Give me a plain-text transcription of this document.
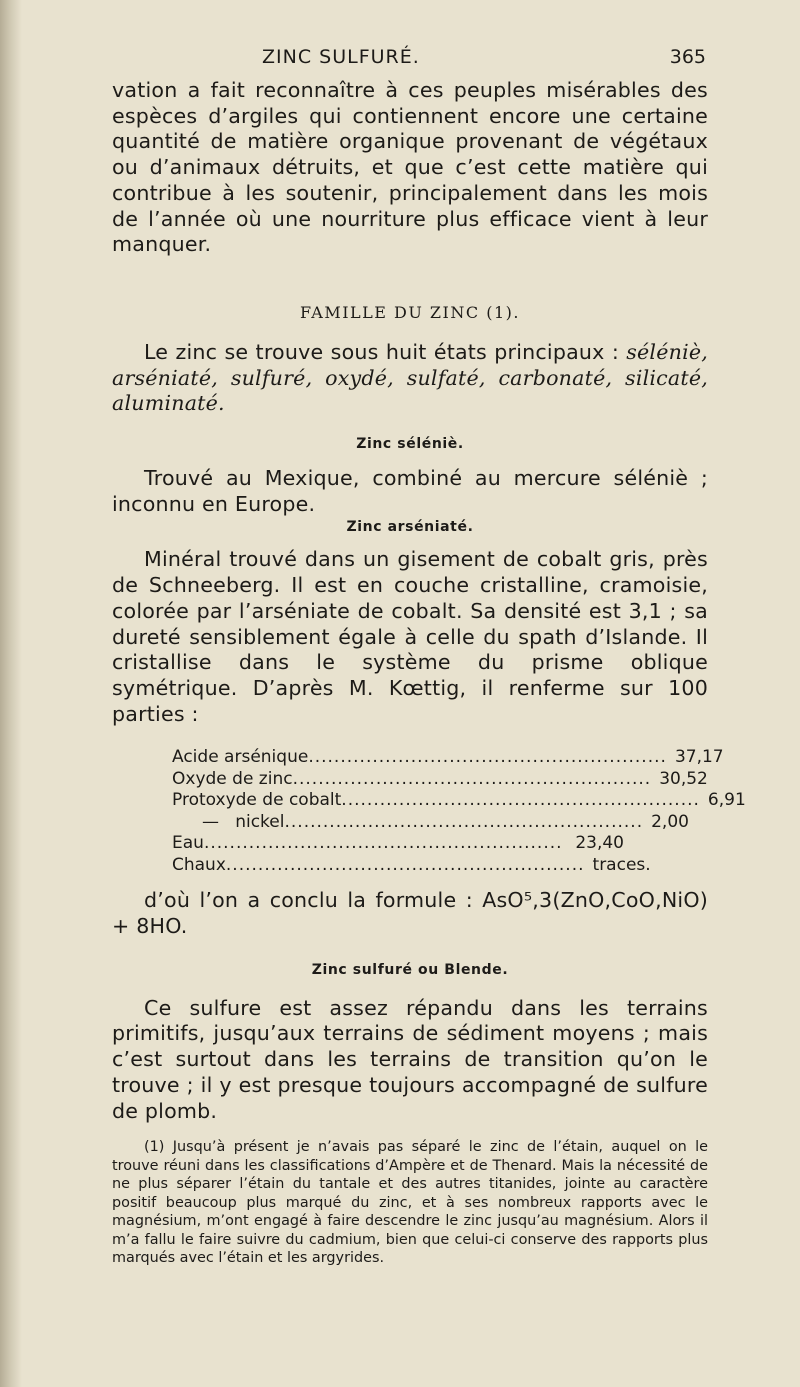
ZINC SULFURÉ.	365

vation a fait reconnaître à ces peuples misérables des espèces d’argiles qui contiennent encore une certaine quantité de matière organique provenant de végétaux ou d’animaux détruits, et que c’est cette matière qui contribue à les soutenir, principalement dans les mois de l’année où une nourriture plus efficace vient à leur manquer.

FAMILLE DU ZINC (1).

Le zinc se trouve sous huit états principaux : séléniè, arséniaté, sulfuré, oxydé, sulfaté, carbonaté, silicaté, aluminaté.

Zinc séléniè.

Trouvé au Mexique, combiné au mercure séléniè ; inconnu en Europe.

Zinc arséniaté.

Minéral trouvé dans un gisement de cobalt gris, près de Schneeberg. Il est en couche cristalline, cramoisie, colorée par l’arséniate de cobalt. Sa densité est 3,1 ; sa dureté sensiblement égale à celle du spath d’Islande. Il cristallise dans le système du prisme oblique symétrique. D’après M. Kœttig, il renferme sur 100 parties :

Acide arsénique ........................................................ 37,17
Oxyde de zinc ........................................................ 30,52
Protoxyde de cobalt ........................................................ 6,91
—   nickel ........................................................ 2,00
Eau ........................................................ 23,40
Chaux ........................................................ traces.

d’où l’on a conclu la formule : AsO⁵,3(ZnO,CoO,NiO) + 8HO.

Zinc sulfuré ou Blende.

Ce sulfure est assez répandu dans les terrains primitifs, jusqu’aux terrains de sédiment moyens ; mais c’est surtout dans les terrains de transition qu’on le trouve ; il y est presque toujours accompagné de sulfure de plomb.

(1) Jusqu’à présent je n’avais pas séparé le zinc de l’étain, auquel on le trouve réuni dans les classifications d’Ampère et de Thenard. Mais la nécessité de ne plus séparer l’étain du tantale et des autres titanides, jointe au caractère positif beaucoup plus marqué du zinc, et à ses nombreux rapports avec le magnésium, m’ont engagé à faire descendre le zinc jusqu’au magnésium. Alors il m’a fallu le faire suivre du cadmium, bien que celui-ci conserve des rapports plus marqués avec l’étain et les argyrides.
